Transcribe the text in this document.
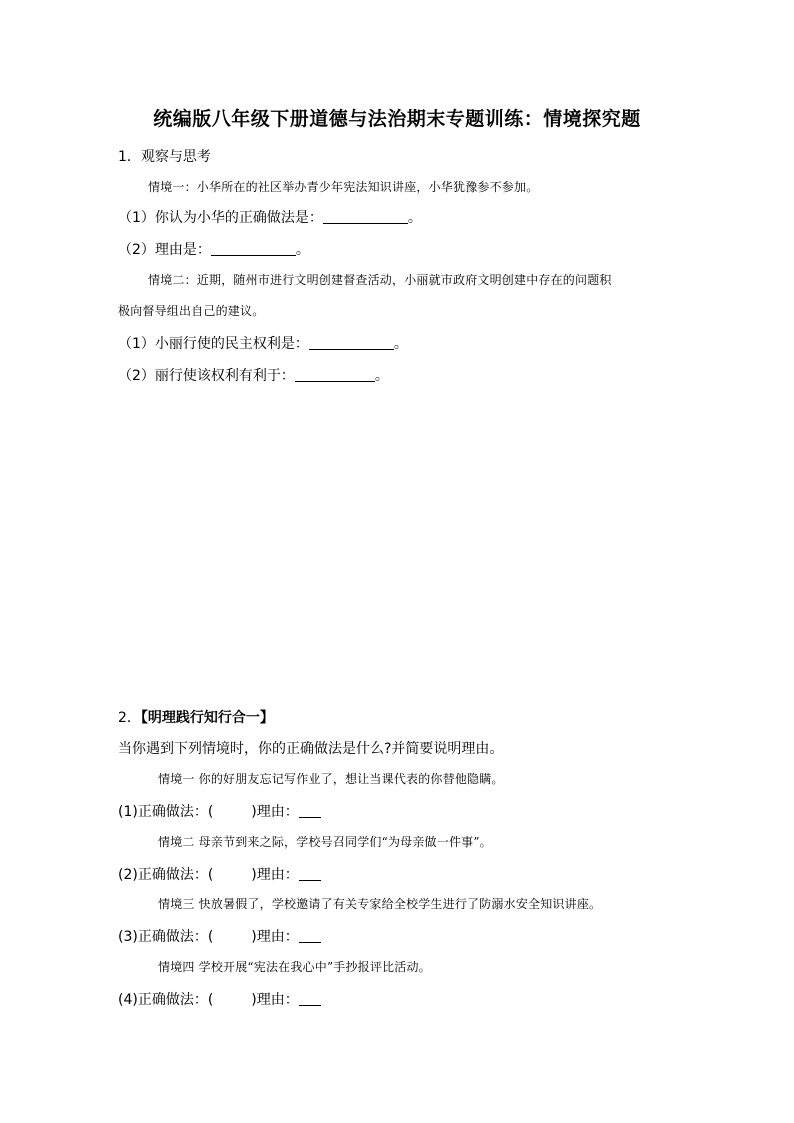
统编版八年级下册道德与法治期末专题训练：情境探究题
1．观察与思考
情境一：小华所在的社区举办青少年宪法知识讲座，小华犹豫参不参加。
（1）你认为小华的正确做法是：	。
（2）理由是：	。
情境二：近期，随州市进行文明创建督查活动，小丽就市政府文明创建中存在的问题积
极向督导组出自己的建议。
（1）小丽行使的民主权利是：	。
（2）丽行使该权利有利于：	。
2．【明理践行知行合一】
当你遇到下列情境时，你的正确做法是什么?并简要说明理由。
情境一 你的好朋友忘记写作业了，想让当课代表的你替他隐瞒。
(1)正确做法：(	)理由：
情境二 母亲节到来之际，学校号召同学们“为母亲做一件事”。
(2)正确做法：(	)理由：
情境三 快放暑假了，学校邀请了有关专家给全校学生进行了防溺水安全知识讲座。
(3)正确做法：(	)理由：
情境四 学校开展“宪法在我心中”手抄报评比活动。
(4)正确做法：(	)理由：
